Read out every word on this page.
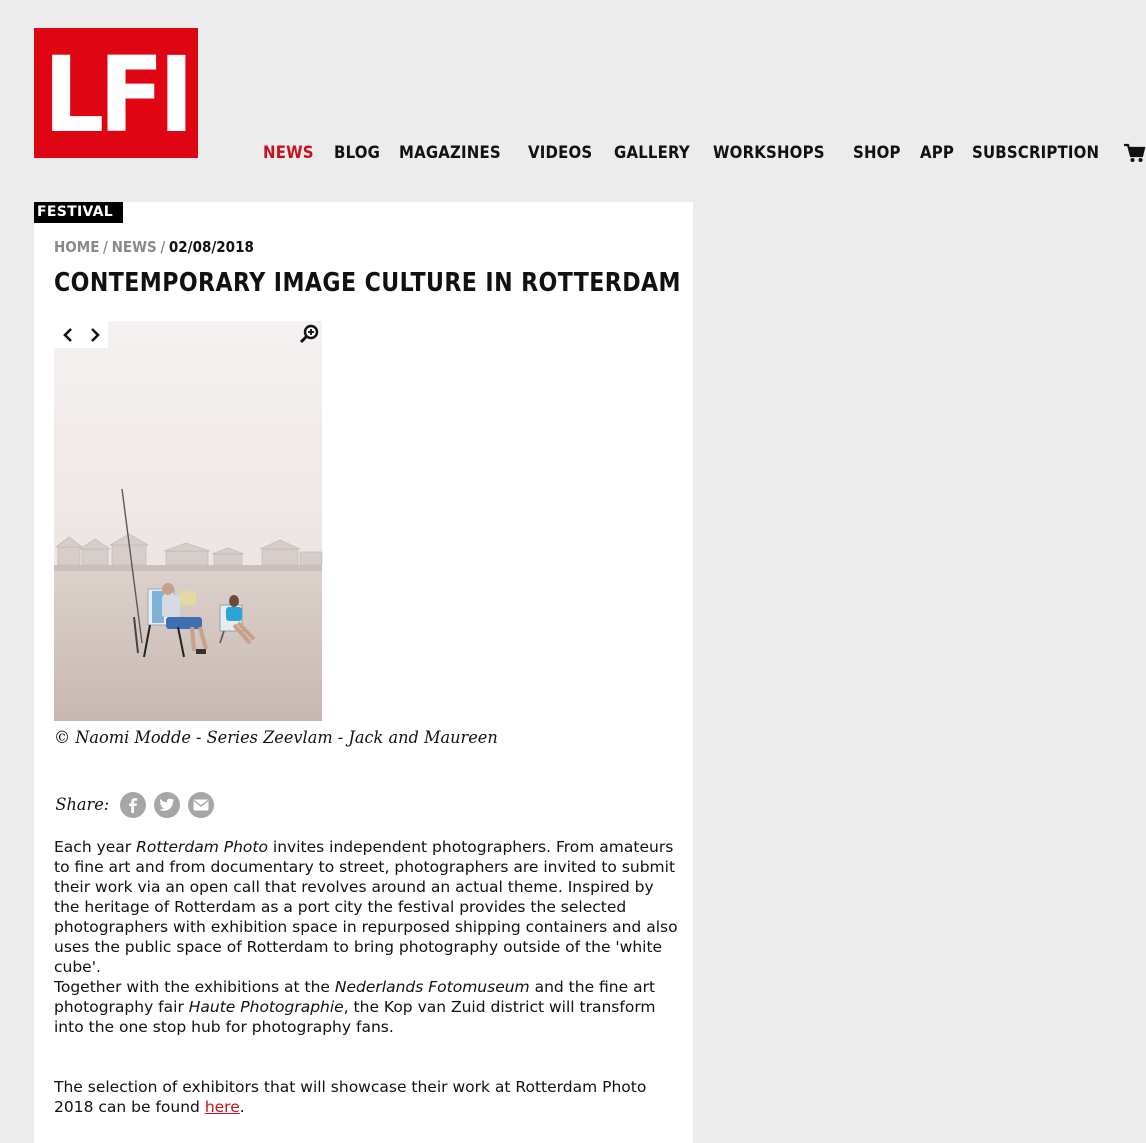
LFI	NEWS BLOG MAGAZINES VIDEOS GALLERY WORKSHOPS SHOP APP SUBSCRIPTION
FESTIVAL
HOME / NEWS / 02/08/2018
CONTEMPORARY IMAGE CULTURE IN ROTTERDAM
© Naomi Modde - Series Zeevlam - Jack and Maureen
Share:

Each year Rotterdam Photo invites independent photographers. From amateurs to fine art and from documentary to street, photographers are invited to submit their work via an open call that revolves around an actual theme. Inspired by the heritage of Rotterdam as a port city the festival provides the selected photographers with exhibition space in repurposed shipping containers and also uses the public space of Rotterdam to bring photography outside of the 'white cube'.

Together with the exhibitions at the Nederlands Fotomuseum and the fine art photography fair Haute Photographie, the Kop van Zuid district will transform into the one stop hub for photography fans.

The selection of exhibitors that will showcase their work at Rotterdam Photo 2018 can be found here.
